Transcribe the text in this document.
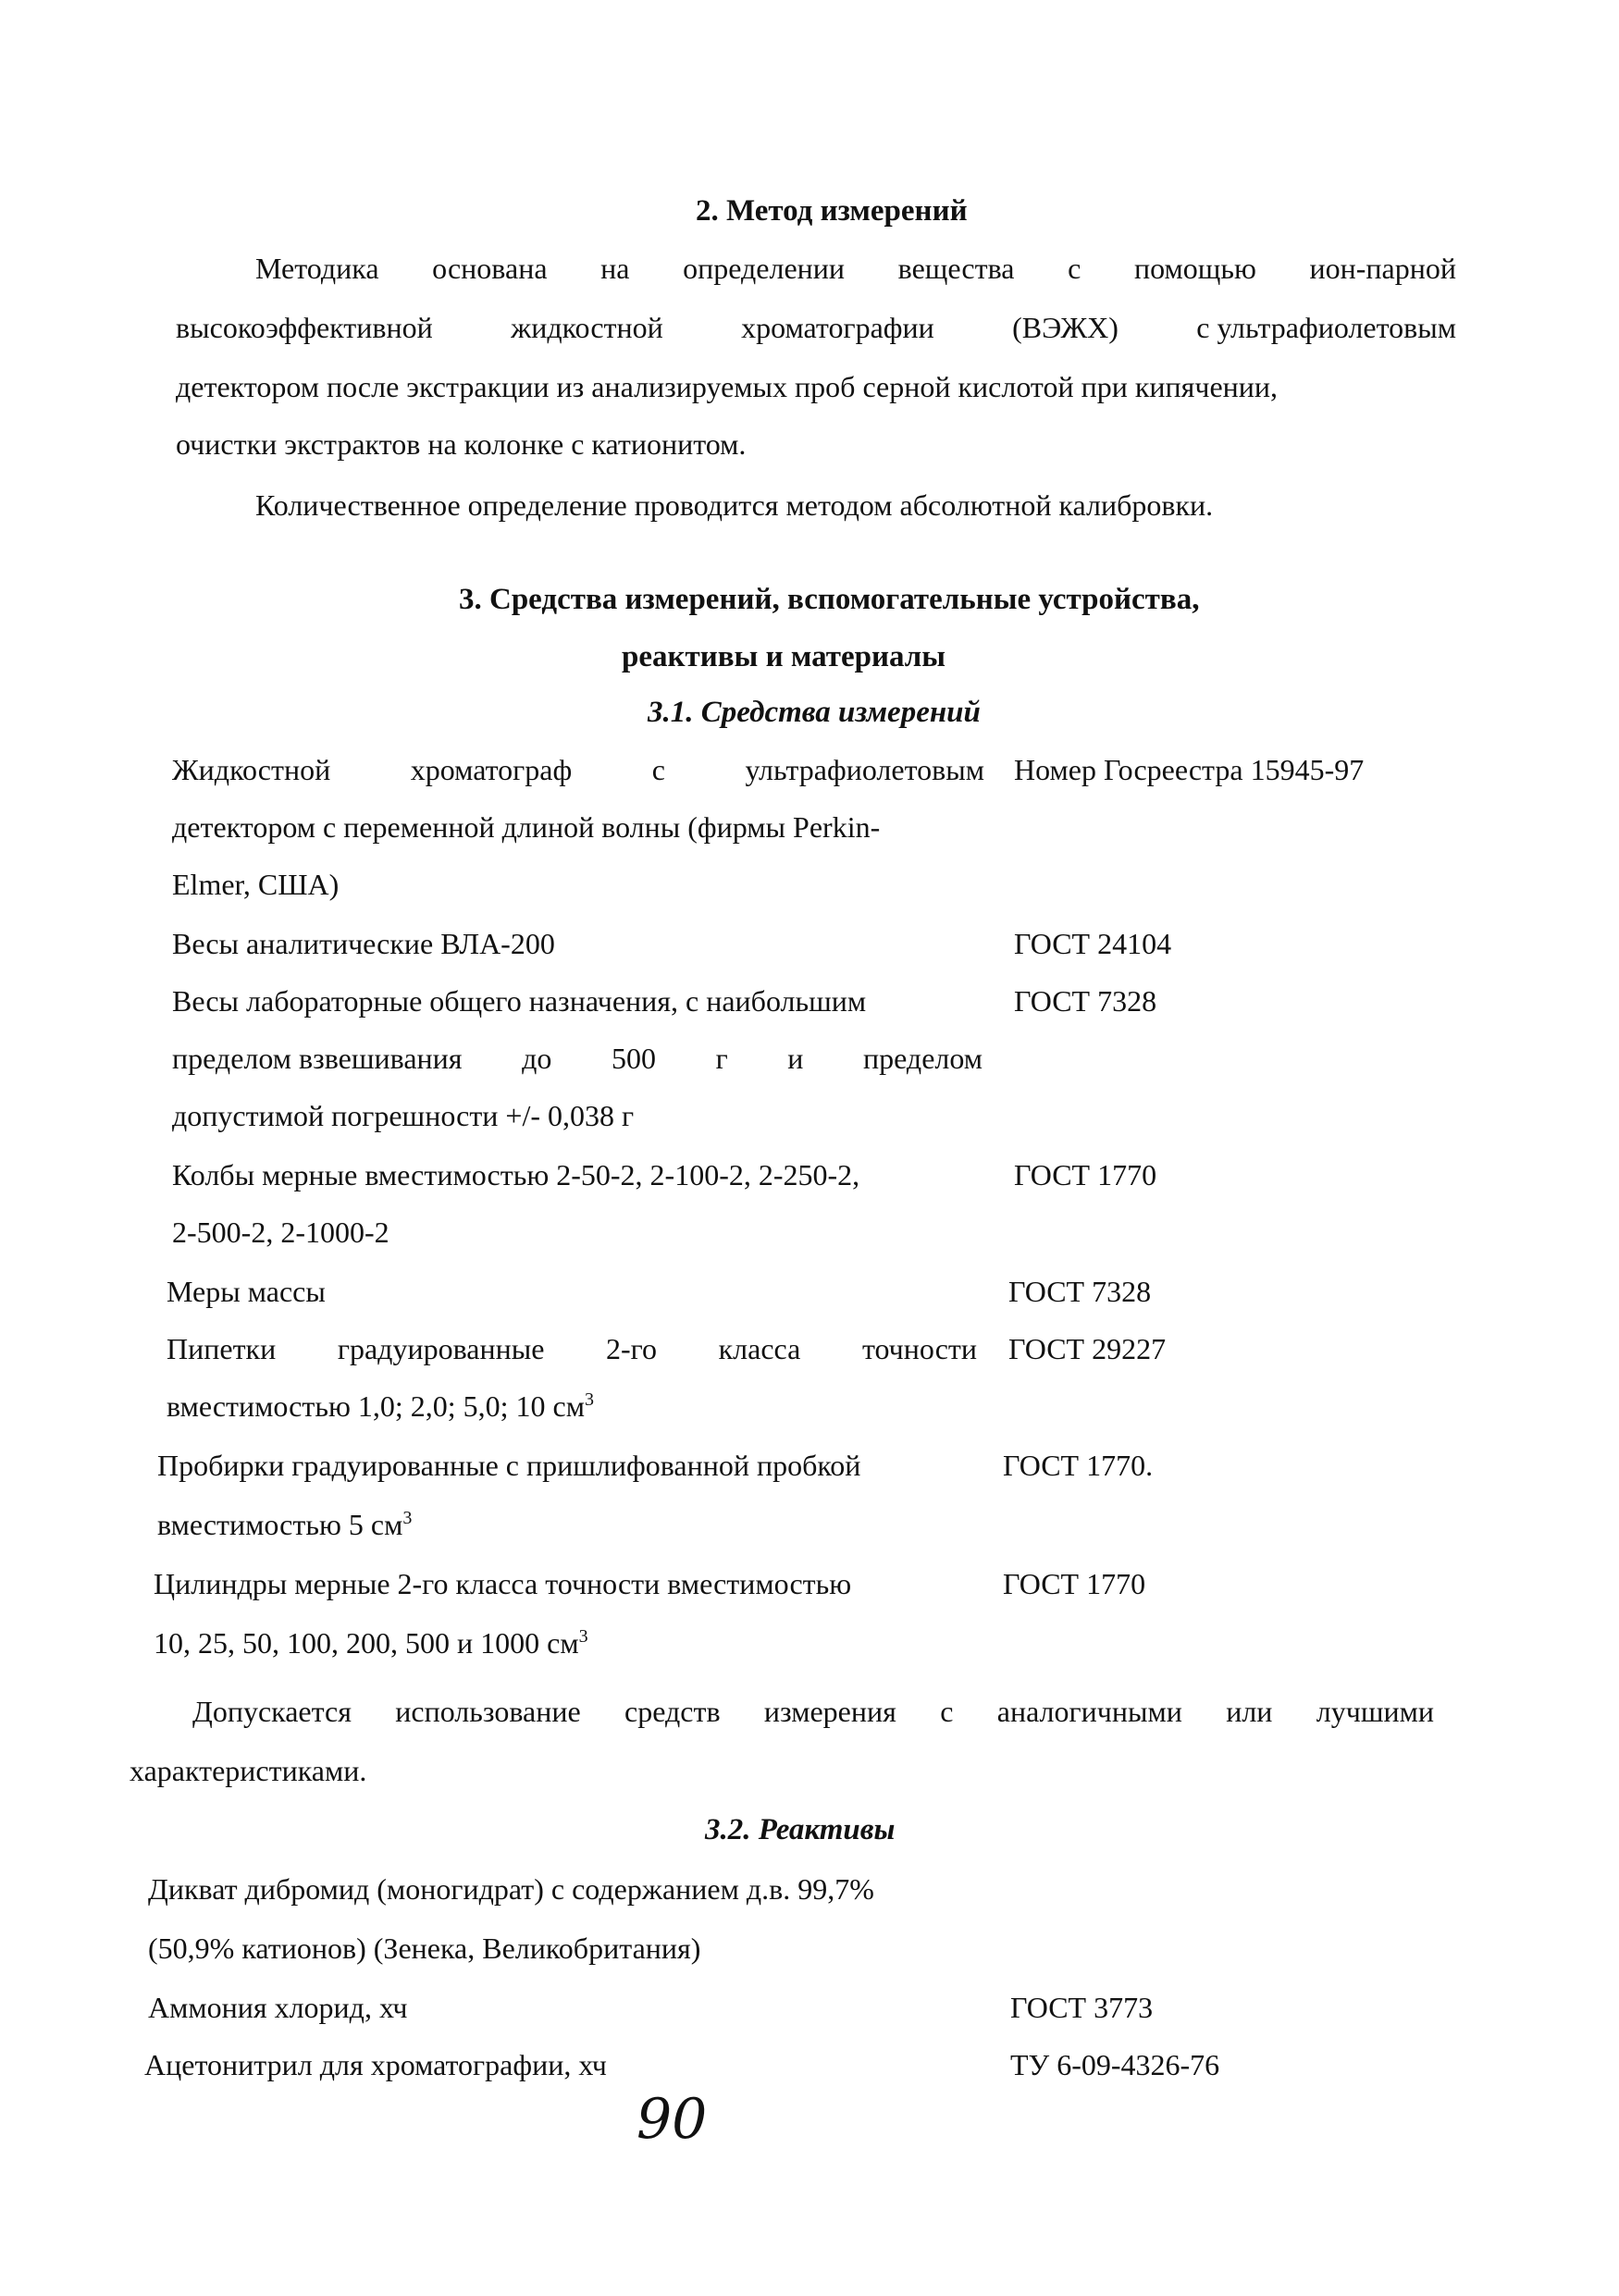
2. Метод измерений
Методика основана на определении вещества с помощью ион-парной
высокоэффективной	жидкостной	хроматографии	(ВЭЖХ)	с ультрафиолетовым
детектором после экстракции из анализируемых проб серной кислотой при кипячении,
очистки экстрактов на колонке с катионитом.
Количественное определение проводится методом абсолютной калибровки.
3. Средства измерений, вспомогательные устройства,
реактивы и материалы
3.1. Средства измерений
Жидкостной	хроматограф	с	ультрафиолетовым Номер Госреестра 15945-97
детектором с переменной длиной волны (фирмы Perkin-
Elmer, США)
Весы аналитические ВЛА-200	ГОСТ 24104
Весы лабораторные общего назначения, с наибольшим	ГОСТ 7328
пределом взвешивания до 500 г и пределом
допустимой погрешности +/- 0,038 г
Колбы мерные вместимостью 2-50-2, 2-100-2, 2-250-2,	ГОСТ 1770
2-500-2, 2-1000-2
Меры массы	ГОСТ 7328
Пипетки градуированные 2-го класса точности ГОСТ 29227
вместимостью 1,0; 2,0; 5,0; 10 $см^3$
Пробирки градуированные с пришлифованной пробкой	ГОСТ 1770.
вместимостью 5 $см^3$
Цилиндры мерные 2-го класса точности вместимостью	ГОСТ 1770
10, 25, 50, 100, 200, 500 и 1000 $см^3$
Допускается использование средств измерения с аналогичными или лучшими
характеристиками.
3.2. Реактивы
Дикват дибромид (моногидрат) с содержанием д.в. 99,7%
(50,9% катионов) (Зенека, Великобритания)
Аммония хлорид, хч	ГОСТ 3773
Ацетонитрил для хроматографии, хч	ТУ 6-09-4326-76
90
